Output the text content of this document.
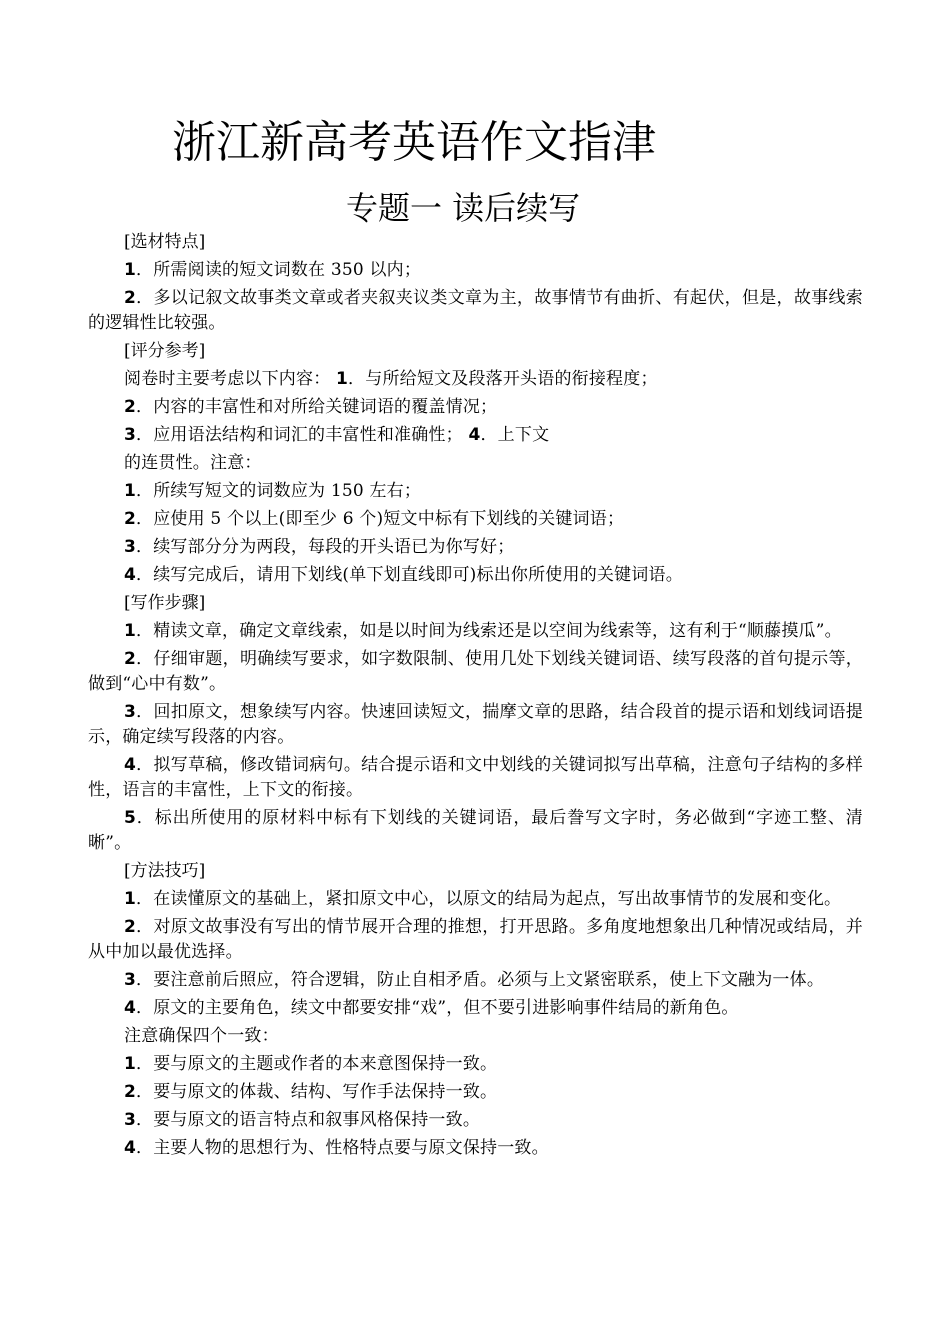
浙江新高考英语作文指津
专题一 读后续写
[选材特点]

1．所需阅读的短文词数在 350 以内；

2．多以记叙文故事类文章或者夹叙夹议类文章为主，故事情节有曲折、有起伏，但是，故事线索的逻辑性比较强。

[评分参考]

阅卷时主要考虑以下内容： 1．与所给短文及段落开头语的衔接程度；

2．内容的丰富性和对所给关键词语的覆盖情况；

3．应用语法结构和词汇的丰富性和准确性； 4．上下文

的连贯性。注意：

1．所续写短文的词数应为 150 左右；

2．应使用 5 个以上(即至少 6 个)短文中标有下划线的关键词语；

3．续写部分分为两段，每段的开头语已为你写好；

4．续写完成后，请用下划线(单下划直线即可)标出你所使用的关键词语。

[写作步骤]

1．精读文章，确定文章线索，如是以时间为线索还是以空间为线索等，这有利于“顺藤摸瓜”。

2．仔细审题，明确续写要求，如字数限制、使用几处下划线关键词语、续写段落的首句提示等，做到“心中有数”。

3．回扣原文，想象续写内容。快速回读短文，揣摩文章的思路，结合段首的提示语和划线词语提示，确定续写段落的内容。

4．拟写草稿，修改错词病句。结合提示语和文中划线的关键词拟写出草稿，注意句子结构的多样性，语言的丰富性，上下文的衔接。

5．标出所使用的原材料中标有下划线的关键词语，最后誊写文字时，务必做到“字迹工整、清晰”。

[方法技巧]

1．在读懂原文的基础上，紧扣原文中心，以原文的结局为起点，写出故事情节的发展和变化。

2．对原文故事没有写出的情节展开合理的推想，打开思路。多角度地想象出几种情况或结局，并从中加以最优选择。

3．要注意前后照应，符合逻辑，防止自相矛盾。必须与上文紧密联系，使上下文融为一体。

4．原文的主要角色，续文中都要安排“戏”，但不要引进影响事件结局的新角色。

注意确保四个一致：

1．要与原文的主题或作者的本来意图保持一致。

2．要与原文的体裁、结构、写作手法保持一致。

3．要与原文的语言特点和叙事风格保持一致。

4．主要人物的思想行为、性格特点要与原文保持一致。
